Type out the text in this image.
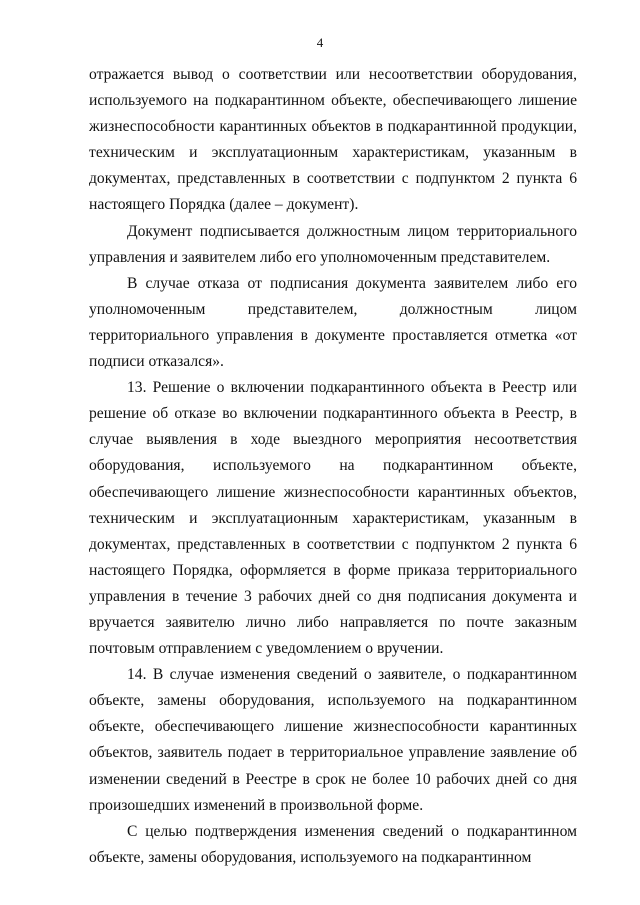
4

отражается вывод о соответствии или несоответствии оборудования, используемого на подкарантинном объекте, обеспечивающего лишение жизнеспособности карантинных объектов в подкарантинной продукции, техническим и эксплуатационным характеристикам, указанным в документах, представленных в соответствии с подпунктом 2 пункта 6 настоящего Порядка (далее – документ).

Документ подписывается должностным лицом территориального управления и заявителем либо его уполномоченным представителем.

В случае отказа от подписания документа заявителем либо его уполномоченным представителем, должностным лицом территориального управления в документе проставляется отметка «от подписи отказался».

13. Решение о включении подкарантинного объекта в Реестр или решение об отказе во включении подкарантинного объекта в Реестр, в случае выявления в ходе выездного мероприятия несоответствия оборудования, используемого на подкарантинном объекте, обеспечивающего лишение жизнеспособности карантинных объектов, техническим и эксплуатационным характеристикам, указанным в документах, представленных в соответствии с подпунктом 2 пункта 6 настоящего Порядка, оформляется в форме приказа территориального управления в течение 3 рабочих дней со дня подписания документа и вручается заявителю лично либо направляется по почте заказным почтовым отправлением с уведомлением о вручении.

14. В случае изменения сведений о заявителе, о подкарантинном объекте, замены оборудования, используемого на подкарантинном объекте, обеспечивающего лишение жизнеспособности карантинных объектов, заявитель подает в территориальное управление заявление об изменении сведений в Реестре в срок не более 10 рабочих дней со дня произошедших изменений в произвольной форме.

С целью подтверждения изменения сведений о подкарантинном объекте, замены оборудования, используемого на подкарантинном
